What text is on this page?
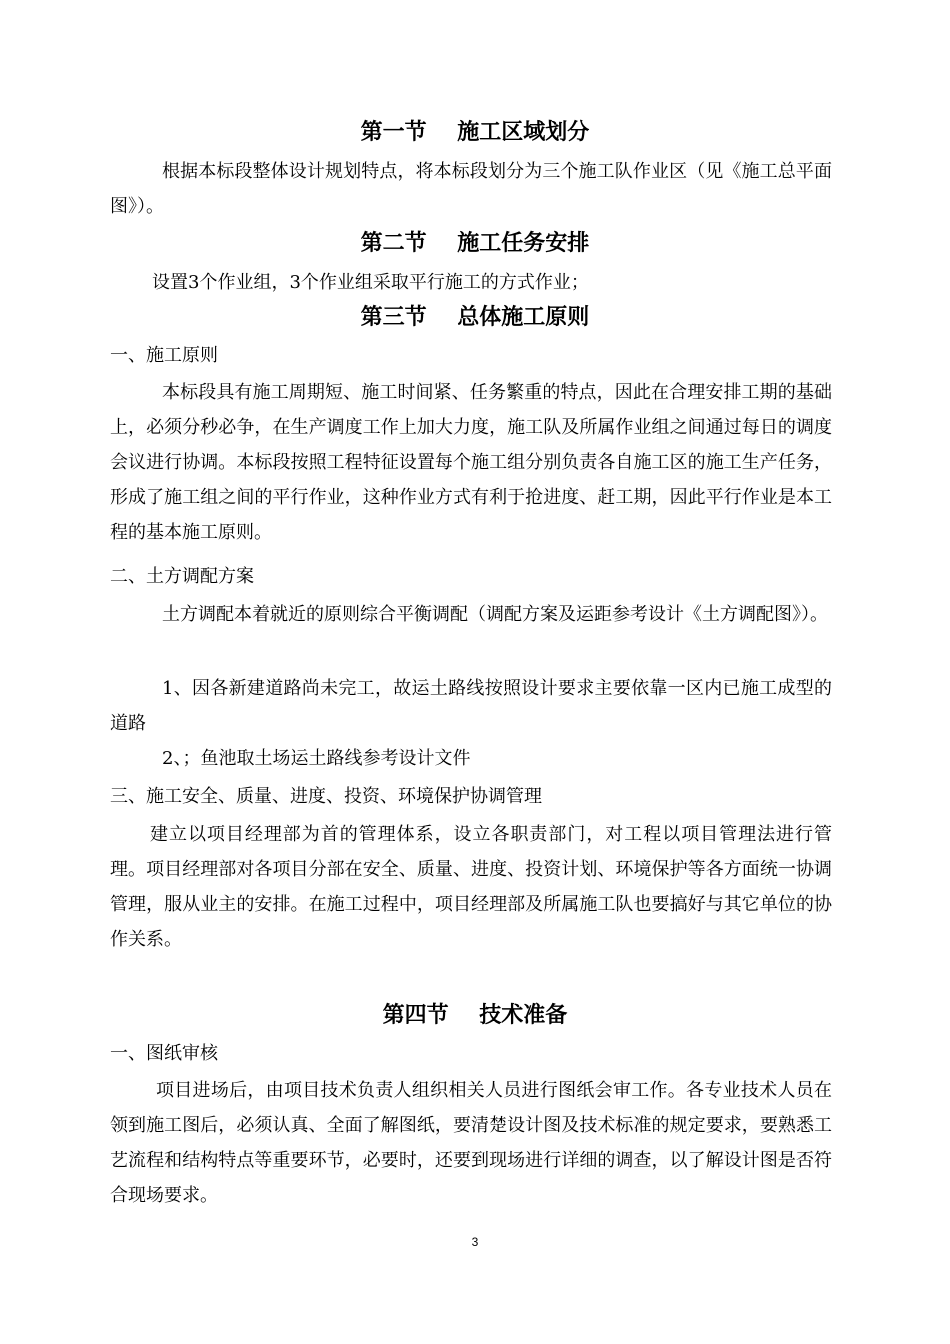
第一节    施工区域划分
根据本标段整体设计规划特点，将本标段划分为三个施工队作业区（见《施工总平面图》）。
第二节    施工任务安排
设置3个作业组，3个作业组采取平行施工的方式作业；
第三节    总体施工原则
一、施工原则
本标段具有施工周期短、施工时间紧、任务繁重的特点，因此在合理安排工期的基础上，必须分秒必争，在生产调度工作上加大力度，施工队及所属作业组之间通过每日的调度会议进行协调。本标段按照工程特征设置每个施工组分别负责各自施工区的施工生产任务，形成了施工组之间的平行作业，这种作业方式有利于抢进度、赶工期，因此平行作业是本工程的基本施工原则。
二、土方调配方案
土方调配本着就近的原则综合平衡调配（调配方案及运距参考设计《土方调配图》）。
1、因各新建道路尚未完工，故运土路线按照设计要求主要依靠一区内已施工成型的道路
2、；鱼池取土场运土路线参考设计文件
三、施工安全、质量、进度、投资、环境保护协调管理
建立以项目经理部为首的管理体系，设立各职责部门，对工程以项目管理法进行管理。项目经理部对各项目分部在安全、质量、进度、投资计划、环境保护等各方面统一协调管理，服从业主的安排。在施工过程中，项目经理部及所属施工队也要搞好与其它单位的协作关系。
第四节    技术准备
一、图纸审核
项目进场后，由项目技术负责人组织相关人员进行图纸会审工作。各专业技术人员在领到施工图后，必须认真、全面了解图纸，要清楚设计图及技术标准的规定要求，要熟悉工艺流程和结构特点等重要环节，必要时，还要到现场进行详细的调查，以了解设计图是否符合现场要求。
3
